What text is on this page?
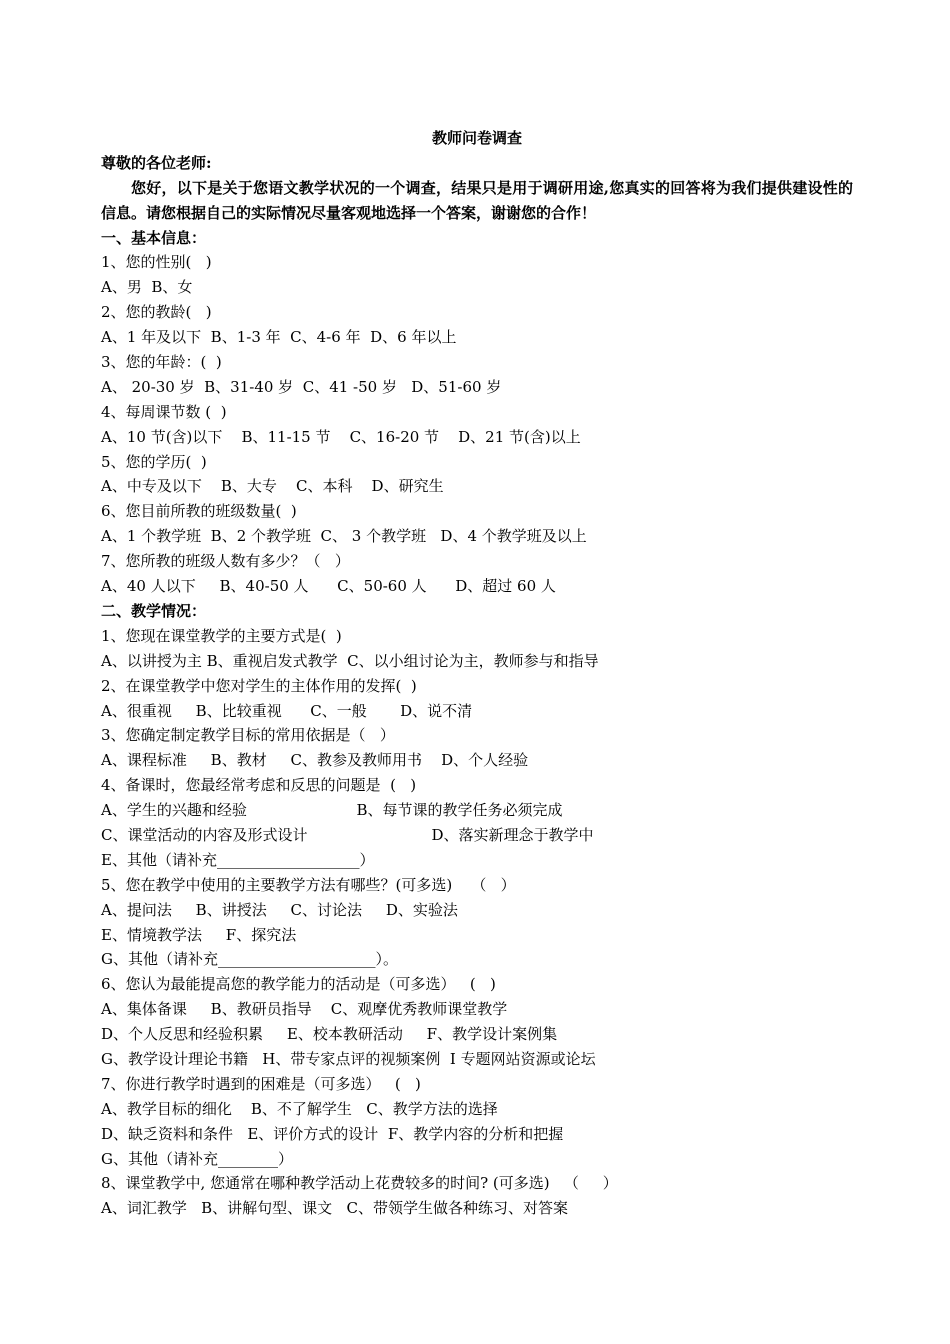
教师问卷调查
尊敬的各位老师:
您好，以下是关于您语文教学状况的一个调查，结果只是用于调研用途,您真实的回答将为我们提供建设性的信息。请您根据自己的实际情况尽量客观地选择一个答案，谢谢您的合作！
一、基本信息：
1、您的性别(   )
A、男  B、女
2、您的教龄(   )
A、1 年及以下  B、1-3 年  C、4-6 年  D、6 年以上
3、您的年龄：(  )
A、 20-30 岁  B、31-40 岁  C、41 -50 岁   D、51-60 岁
4、每周课节数 (  )
A、10 节(含)以下    B、11-15 节    C、16-20 节    D、21 节(含)以上
5、您的学历(  )
A、中专及以下    B、大专    C、本科    D、研究生
6、您目前所教的班级数量(  )
A、1 个教学班  B、2 个教学班  C、 3 个教学班   D、4 个教学班及以上
7、您所教的班级人数有多少？（   ）
A、40 人以下     B、40-50 人      C、50-60 人      D、超过 60 人
二、教学情况：
1、您现在课堂教学的主要方式是(  )
A、以讲授为主 B、重视启发式教学  C、以小组讨论为主，教师参与和指导
2、在课堂教学中您对学生的主体作用的发挥(  )
A、很重视     B、比较重视      C、一般       D、说不清
3、您确定制定教学目标的常用依据是（   ）
A、课程标准     B、教材     C、教参及教师用书    D、个人经验
4、备课时，您最经常考虑和反思的问题是  (   )
A、学生的兴趣和经验                       B、每节课的教学任务必须完成
C、课堂活动的内容及形式设计                          D、落实新理念于教学中
E、其他（请补充___________________）
5、您在教学中使用的主要教学方法有哪些？(可多选)    （   ）
A、提问法     B、讲授法     C、讨论法     D、实验法
E、情境教学法     F、探究法
G、其他（请补充_____________________）。
6、您认为最能提高您的教学能力的活动是（可多选）   (   )
A、集体备课     B、教研员指导    C、观摩优秀教师课堂教学
D、个人反思和经验积累     E、校本教研活动     F、教学设计案例集
G、教学设计理论书籍   H、带专家点评的视频案例  I 专题网站资源或论坛
7、你进行教学时遇到的困难是（可多选）   (   )
A、教学目标的细化    B、不了解学生   C、教学方法的选择
D、缺乏资料和条件   E、评价方式的设计  F、教学内容的分析和把握
G、其他（请补充________）
8、课堂教学中, 您通常在哪种教学活动上花费较多的时间? (可多选)   （     ）
A、词汇教学   B、讲解句型、课文   C、带领学生做各种练习、对答案
